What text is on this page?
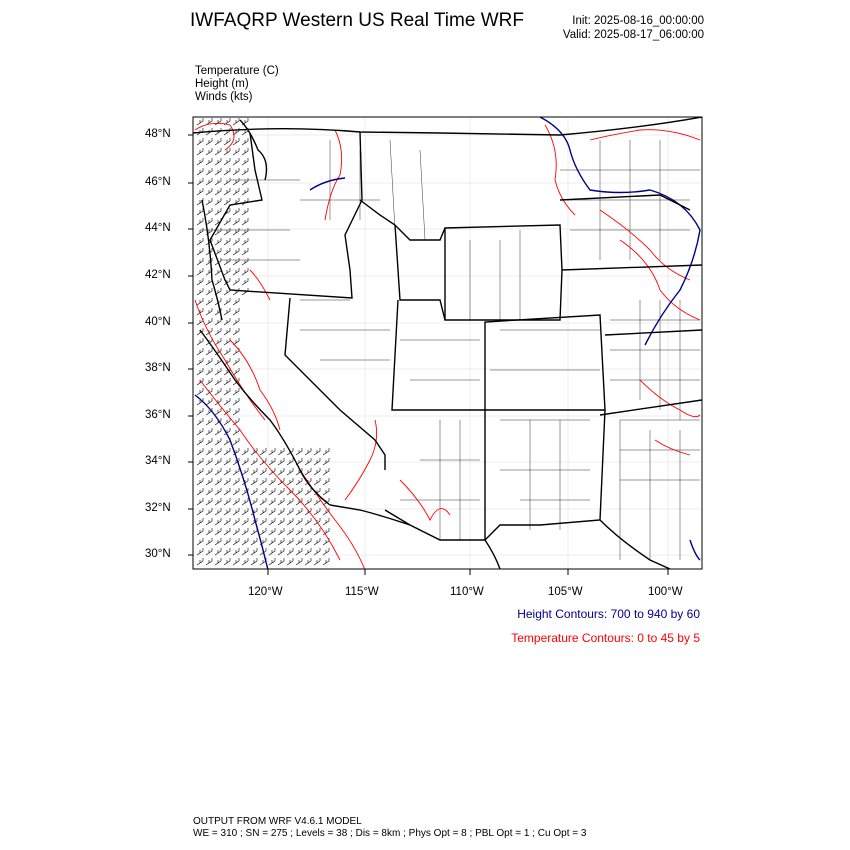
IWFAQRP Western US Real Time WRF	Init: 2025-08-16_00:00:00
Valid: 2025-08-17_06:00:00
Temperature (C)
Height (m)
Winds (kts)
48°N
46°N
44°N
42°N
40°N
38°N
36°N
34°N
32°N
30°N
120°W	115°W	110°W	105°W	100°W
Height Contours: 700 to 940 by 60
Temperature Contours: 0 to 45 by 5
OUTPUT FROM WRF V4.6.1 MODEL
WE = 310 ; SN = 275 ; Levels = 38 ; Dis = 8km ; Phys Opt = 8 ; PBL Opt = 1 ; Cu Opt = 3
